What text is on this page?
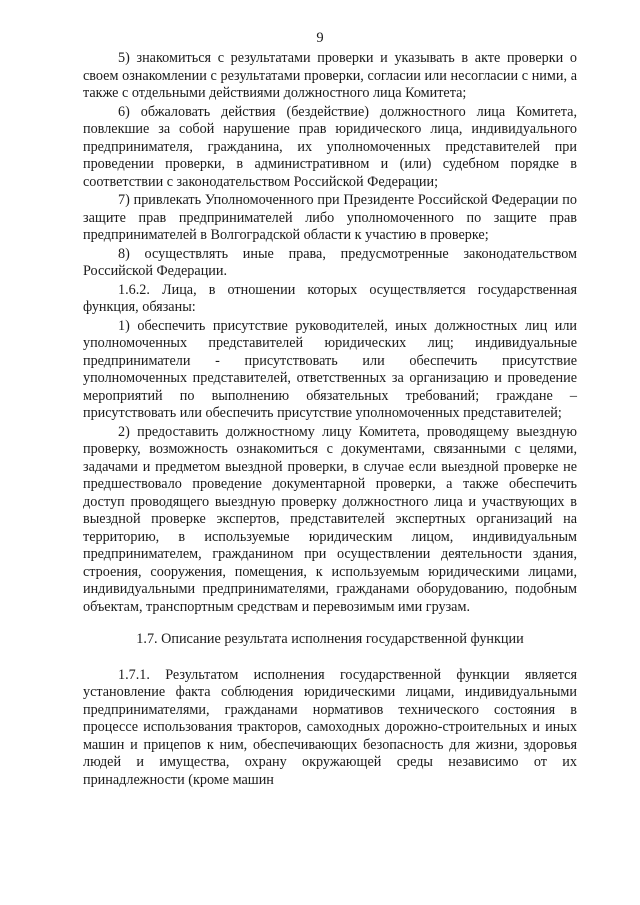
9

5) знакомиться с результатами проверки и указывать в акте проверки о своем ознакомлении с результатами проверки, согласии или несогласии с ними, а также с отдельными действиями должностного лица Комитета;

6) обжаловать действия (бездействие) должностного лица Комитета, повлекшие за собой нарушение прав юридического лица, индивидуального предпринимателя, гражданина, их уполномоченных представителей при проведении проверки, в административном и (или) судебном порядке в соответствии с законодательством Российской Федерации;

7) привлекать Уполномоченного при Президенте Российской Федерации по защите прав предпринимателей либо уполномоченного по защите прав предпринимателей в Волгоградской области к участию в проверке;

8) осуществлять иные права, предусмотренные законодательством Российской Федерации.

1.6.2. Лица, в отношении которых осуществляется государственная функция, обязаны:

1) обеспечить присутствие руководителей, иных должностных лиц или уполномоченных представителей юридических лиц; индивидуальные предприниматели - присутствовать или обеспечить присутствие уполномоченных представителей, ответственных за организацию и проведение мероприятий по выполнению обязательных требований; граждане – присутствовать или обеспечить присутствие уполномоченных представителей;

2) предоставить должностному лицу Комитета, проводящему выездную проверку, возможность ознакомиться с документами, связанными с целями, задачами и предметом выездной проверки, в случае если выездной проверке не предшествовало проведение документарной проверки, а также обеспечить доступ проводящего выездную проверку должностного лица и участвующих в выездной проверке экспертов, представителей экспертных организаций на территорию, в используемые юридическим лицом, индивидуальным предпринимателем, гражданином при осуществлении деятельности здания, строения, сооружения, помещения, к используемым юридическими лицами, индивидуальными предпринимателями, гражданами оборудованию, подобным объектам, транспортным средствам и перевозимым ими грузам.

1.7. Описание результата исполнения государственной функции

1.7.1. Результатом исполнения государственной функции является установление факта соблюдения юридическими лицами, индивидуальными предпринимателями, гражданами нормативов технического состояния в процессе использования тракторов, самоходных дорожно-строительных и иных машин и прицепов к ним, обеспечивающих безопасность для жизни, здоровья людей и имущества, охрану окружающей среды независимо от их принадлежности (кроме машин
